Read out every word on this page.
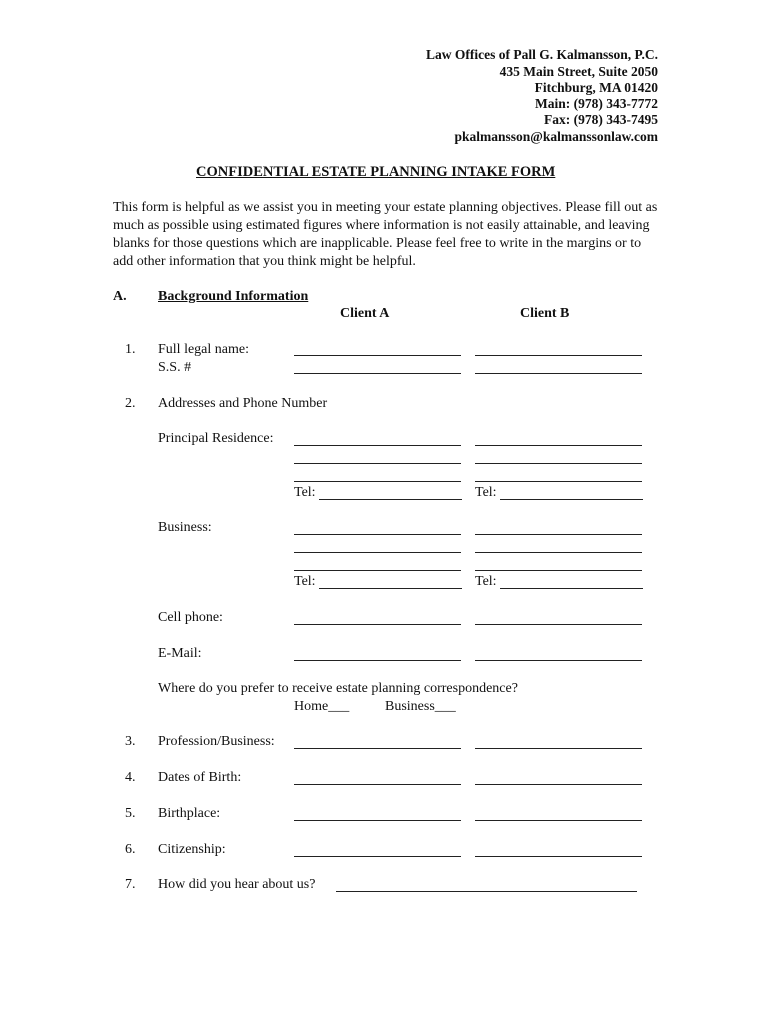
Law Offices of Pall G. Kalmansson, P.C.
435 Main Street, Suite 2050
Fitchburg, MA 01420
Main: (978) 343-7772
Fax: (978) 343-7495
pkalmansson@kalmanssonlaw.com
CONFIDENTIAL ESTATE PLANNING INTAKE FORM
This form is helpful as we assist you in meeting your estate planning objectives. Please fill out as much as possible using estimated figures where information is not easily attainable, and leaving blanks for those questions which are inapplicable. Please feel free to write in the margins or to add other information that you think might be helpful.
A. Background Information
Client A	Client B
1. Full legal name:
S.S. #
2. Addresses and Phone Number
Principal Residence:
Tel:	Tel:
Business:
Tel:	Tel:
Cell phone:
E-Mail:
Where do you prefer to receive estate planning correspondence?
Home___	Business___
3. Profession/Business:
4. Dates of Birth:
5. Birthplace:
6. Citizenship:
7. How did you hear about us?
